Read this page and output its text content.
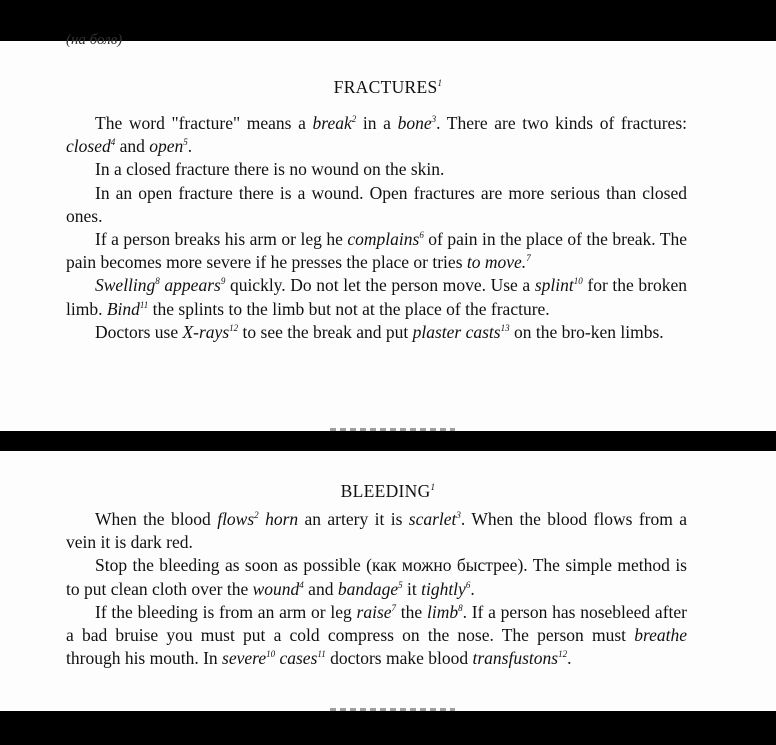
(на болв)
FRACTURES$^1$

The word "fracture" means a break$^2$ in a bone$^3$. There are two kinds of fractures: closed$^4$ and open$^5$.

In a closed fracture there is no wound on the skin.

In an open fracture there is a wound. Open fractures are more serious than closed ones.

If a person breaks his arm or leg he complains$^6$ of pain in the place of the break. The pain becomes more severe if he presses the place or tries to move.$^7$

Swelling$^8$ appears$^9$ quickly. Do not let the person move. Use a splint$^{10}$ for the broken limb. Bind$^{11}$ the splints to the limb but not at the place of the fracture.

Doctors use X-rays$^{12}$ to see the break and put plaster casts$^{13}$ on the bro-ken limbs.

BLEEDING$^1$

When the blood flows$^2$ horn an artery it is scarlet$^3$. When the blood flows from a vein it is dark red.

Stop the bleeding as soon as possible (как можно быстрее). The simple method is to put clean cloth over the wound$^4$ and bandage$^5$ it tightly$^6$.

If the bleeding is from an arm or leg raise$^7$ the limb$^8$. If a person has nosebleed after a bad bruise you must put a cold compress on the nose. The person must breathe through his mouth. In severe$^{10}$ cases$^{11}$ doctors make blood transfustons$^{12}$.
